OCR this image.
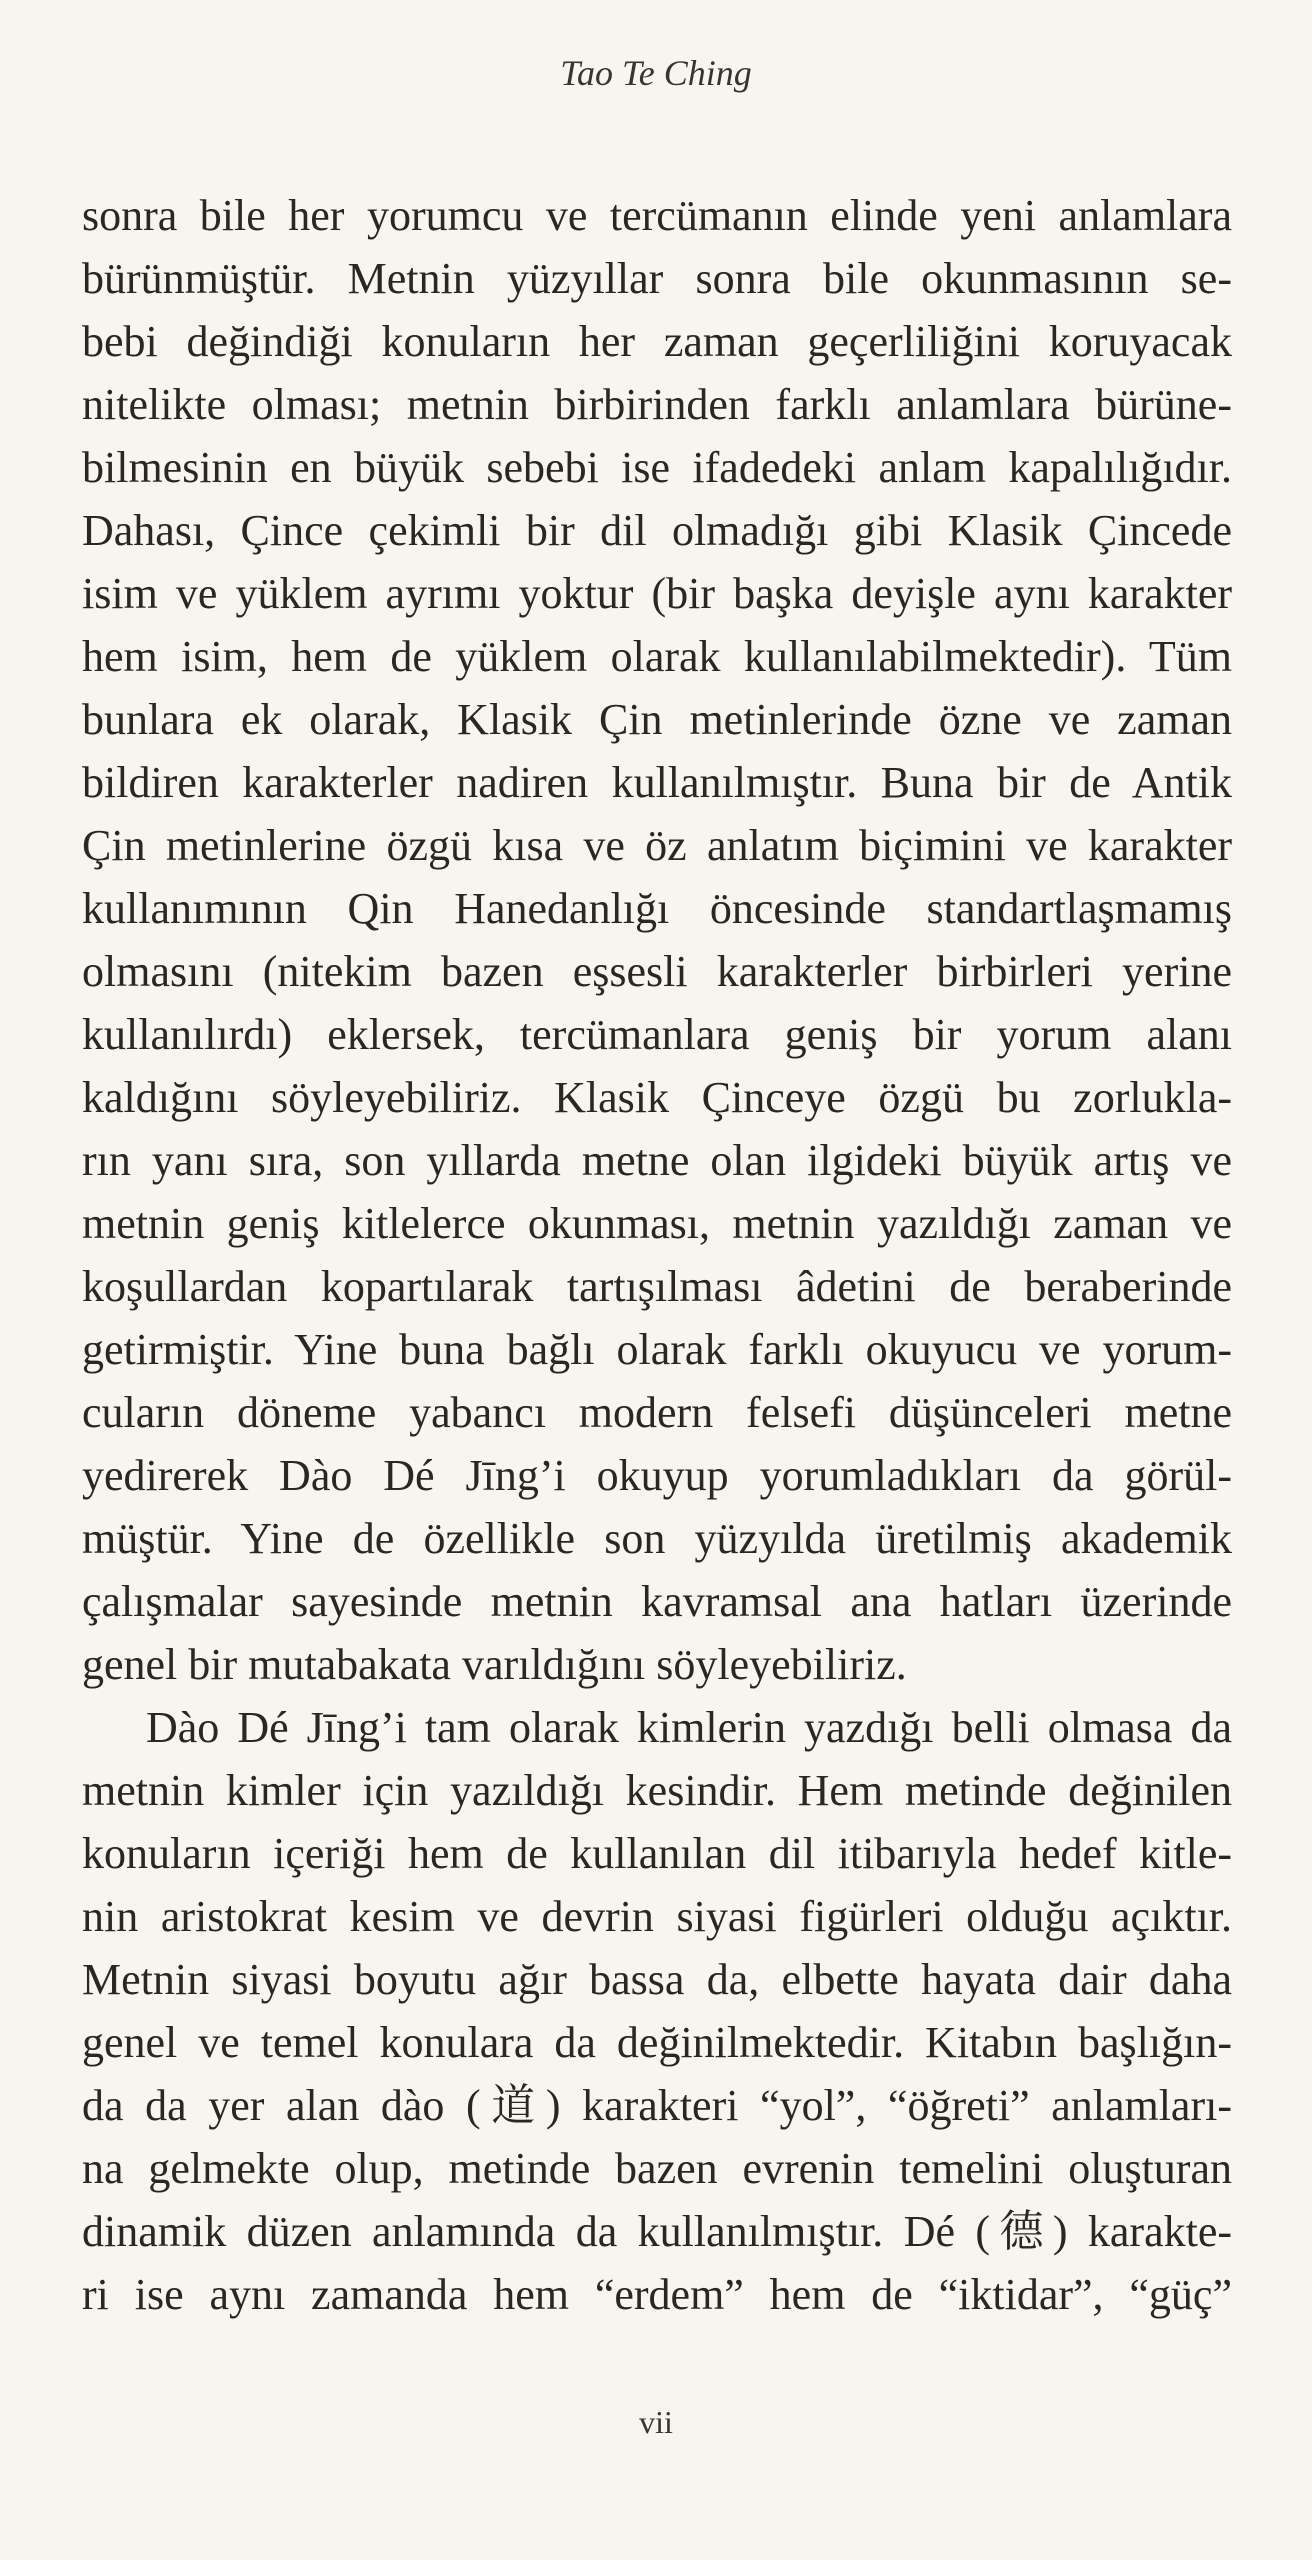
Tao Te Ching
sonra bile her yorumcu ve tercümanın elinde yeni anlamlara
bürünmüştür. Metnin yüzyıllar sonra bile okunmasının se-
bebi değindiği konuların her zaman geçerliliğini koruyacak
nitelikte olması; metnin birbirinden farklı anlamlara bürüne-
bilmesinin en büyük sebebi ise ifadedeki anlam kapalılığıdır.
Dahası, Çince çekimli bir dil olmadığı gibi Klasik Çincede
isim ve yüklem ayrımı yoktur (bir başka deyişle aynı karakter
hem isim, hem de yüklem olarak kullanılabilmektedir). Tüm
bunlara ek olarak, Klasik Çin metinlerinde özne ve zaman
bildiren karakterler nadiren kullanılmıştır. Buna bir de Antik
Çin metinlerine özgü kısa ve öz anlatım biçimini ve karakter
kullanımının Qin Hanedanlığı öncesinde standartlaşmamış
olmasını (nitekim bazen eşsesli karakterler birbirleri yerine
kullanılırdı) eklersek, tercümanlara geniş bir yorum alanı
kaldığını söyleyebiliriz. Klasik Çinceye özgü bu zorlukla-
rın yanı sıra, son yıllarda metne olan ilgideki büyük artış ve
metnin geniş kitlelerce okunması, metnin yazıldığı zaman ve
koşullardan kopartılarak tartışılması âdetini de beraberinde
getirmiştir. Yine buna bağlı olarak farklı okuyucu ve yorum-
cuların döneme yabancı modern felsefi düşünceleri metne
yedirerek Dào Dé Jīng’i okuyup yorumladıkları da görül-
müştür. Yine de özellikle son yüzyılda üretilmiş akademik
çalışmalar sayesinde metnin kavramsal ana hatları üzerinde
genel bir mutabakata varıldığını söyleyebiliriz.
Dào Dé Jīng’i tam olarak kimlerin yazdığı belli olmasa da
metnin kimler için yazıldığı kesindir. Hem metinde değinilen
konuların içeriği hem de kullanılan dil itibarıyla hedef kitle-
nin aristokrat kesim ve devrin siyasi figürleri olduğu açıktır.
Metnin siyasi boyutu ağır bassa da, elbette hayata dair daha
genel ve temel konulara da değinilmektedir. Kitabın başlığın-
da da yer alan dào (道) karakteri “yol”, “öğreti” anlamları-
na gelmekte olup, metinde bazen evrenin temelini oluşturan
dinamik düzen anlamında da kullanılmıştır. Dé (德) karakte-
ri ise aynı zamanda hem “erdem” hem de “iktidar”, “güç”
vii
